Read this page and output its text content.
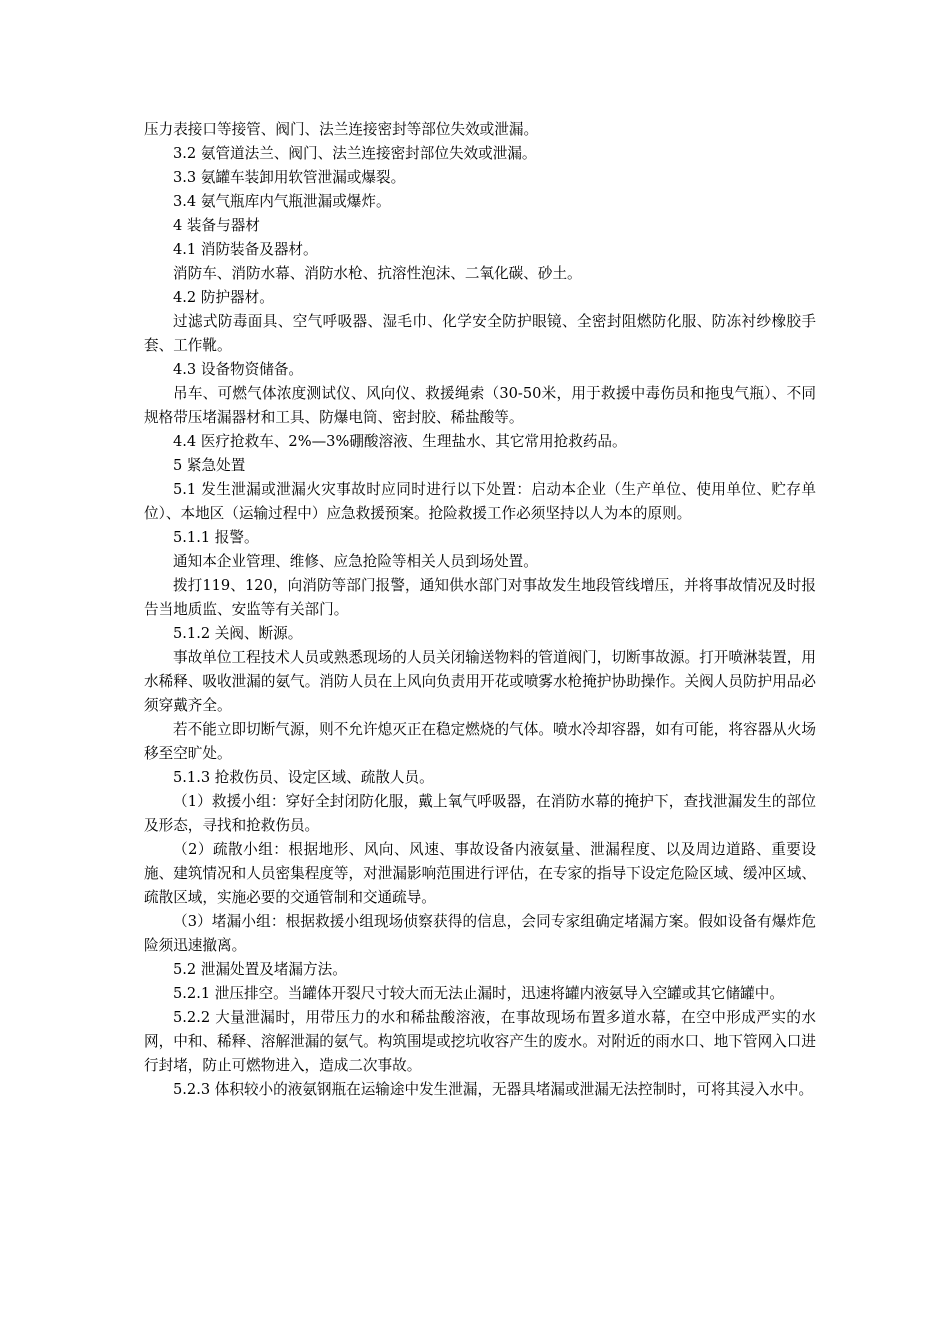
压力表接口等接管、阀门、法兰连接密封等部位失效或泄漏。

3.2 氨管道法兰、阀门、法兰连接密封部位失效或泄漏。

3.3 氨罐车装卸用软管泄漏或爆裂。

3.4 氨气瓶库内气瓶泄漏或爆炸。

4 装备与器材

4.1 消防装备及器材。

消防车、消防水幕、消防水枪、抗溶性泡沫、二氧化碳、砂土。

4.2 防护器材。

过滤式防毒面具、空气呼吸器、湿毛巾、化学安全防护眼镜、全密封阻燃防化服、防冻衬纱橡胶手套、工作靴。

4.3 设备物资储备。

吊车、可燃气体浓度测试仪、风向仪、救援绳索（30-50米，用于救援中毒伤员和拖曳气瓶）、不同规格带压堵漏器材和工具、防爆电筒、密封胶、稀盐酸等。

4.4 医疗抢救车、2%—3%硼酸溶液、生理盐水、其它常用抢救药品。

5 紧急处置

5.1 发生泄漏或泄漏火灾事故时应同时进行以下处置：启动本企业（生产单位、使用单位、贮存单位）、本地区（运输过程中）应急救援预案。抢险救援工作必须坚持以人为本的原则。

5.1.1 报警。

通知本企业管理、维修、应急抢险等相关人员到场处置。

拨打119、120，向消防等部门报警，通知供水部门对事故发生地段管线增压，并将事故情况及时报告当地质监、安监等有关部门。

5.1.2 关阀、断源。

事故单位工程技术人员或熟悉现场的人员关闭输送物料的管道阀门，切断事故源。打开喷淋装置，用水稀释、吸收泄漏的氨气。消防人员在上风向负责用开花或喷雾水枪掩护协助操作。关阀人员防护用品必须穿戴齐全。

若不能立即切断气源，则不允许熄灭正在稳定燃烧的气体。喷水冷却容器，如有可能，将容器从火场移至空旷处。

5.1.3 抢救伤员、设定区域、疏散人员。

（1）救援小组：穿好全封闭防化服，戴上氧气呼吸器，在消防水幕的掩护下，查找泄漏发生的部位及形态，寻找和抢救伤员。

（2）疏散小组：根据地形、风向、风速、事故设备内液氨量、泄漏程度、以及周边道路、重要设施、建筑情况和人员密集程度等，对泄漏影响范围进行评估，在专家的指导下设定危险区域、缓冲区域、疏散区域，实施必要的交通管制和交通疏导。

（3）堵漏小组：根据救援小组现场侦察获得的信息，会同专家组确定堵漏方案。假如设备有爆炸危险须迅速撤离。

5.2 泄漏处置及堵漏方法。

5.2.1 泄压排空。当罐体开裂尺寸较大而无法止漏时，迅速将罐内液氨导入空罐或其它储罐中。

5.2.2 大量泄漏时，用带压力的水和稀盐酸溶液，在事故现场布置多道水幕，在空中形成严实的水网，中和、稀释、溶解泄漏的氨气。构筑围堤或挖坑收容产生的废水。对附近的雨水口、地下管网入口进行封堵，防止可燃物进入，造成二次事故。

5.2.3 体积较小的液氨钢瓶在运输途中发生泄漏，无器具堵漏或泄漏无法控制时，可将其浸入水中。
